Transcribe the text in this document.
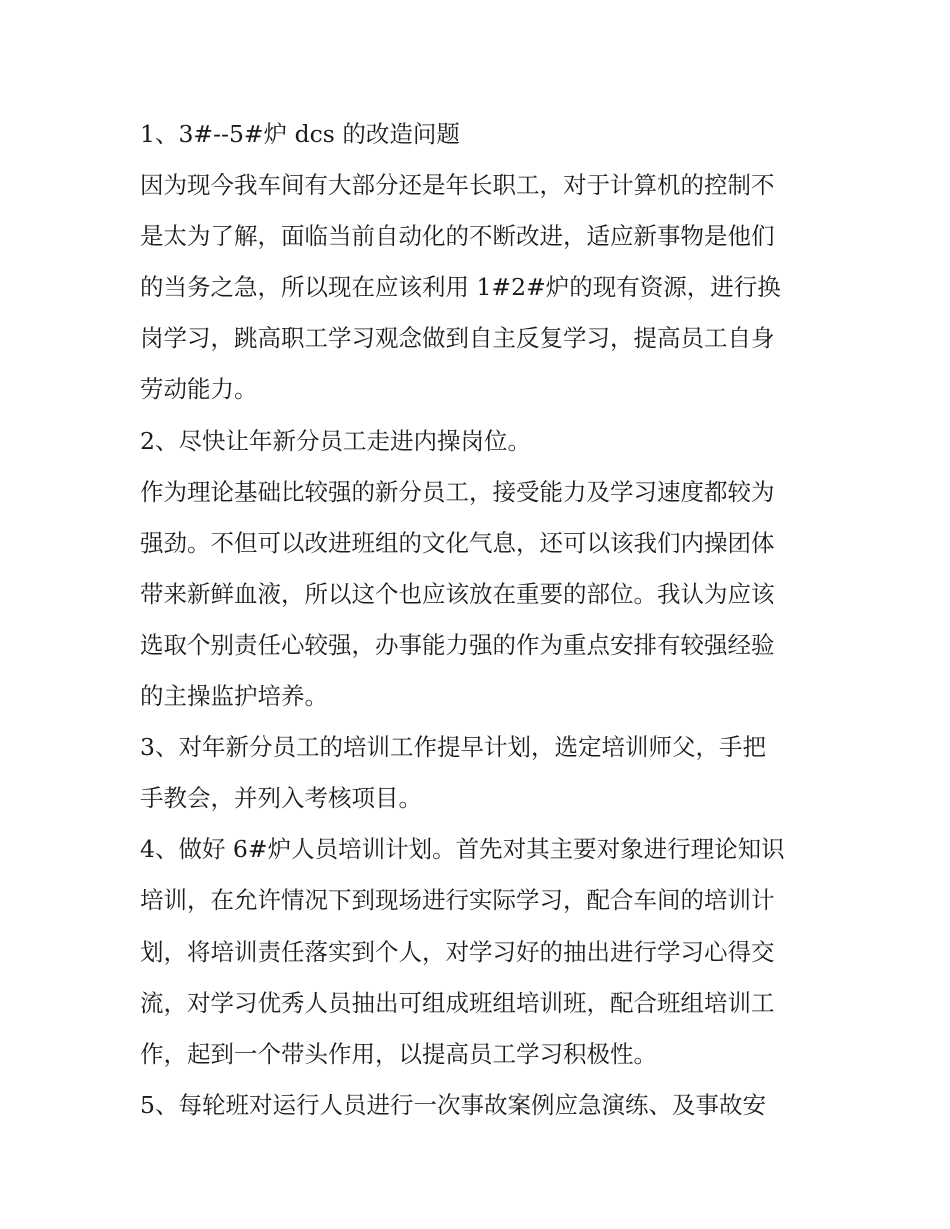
1、3#--5#炉 dcs 的改造问题
因为现今我车间有大部分还是年长职工，对于计算机的控制不
是太为了解，面临当前自动化的不断改进，适应新事物是他们
的当务之急，所以现在应该利用 1#2#炉的现有资源，进行换
岗学习，跳高职工学习观念做到自主反复学习，提高员工自身
劳动能力。
2、尽快让年新分员工走进内操岗位。
作为理论基础比较强的新分员工，接受能力及学习速度都较为
强劲。不但可以改进班组的文化气息，还可以该我们内操团体
带来新鲜血液，所以这个也应该放在重要的部位。我认为应该
选取个别责任心较强，办事能力强的作为重点安排有较强经验
的主操监护培养。
3、对年新分员工的培训工作提早计划，选定培训师父，手把
手教会，并列入考核项目。
4、做好 6#炉人员培训计划。首先对其主要对象进行理论知识
培训，在允许情况下到现场进行实际学习，配合车间的培训计
划，将培训责任落实到个人，对学习好的抽出进行学习心得交
流，对学习优秀人员抽出可组成班组培训班，配合班组培训工
作，起到一个带头作用，以提高员工学习积极性。
5、每轮班对运行人员进行一次事故案例应急演练、及事故安
